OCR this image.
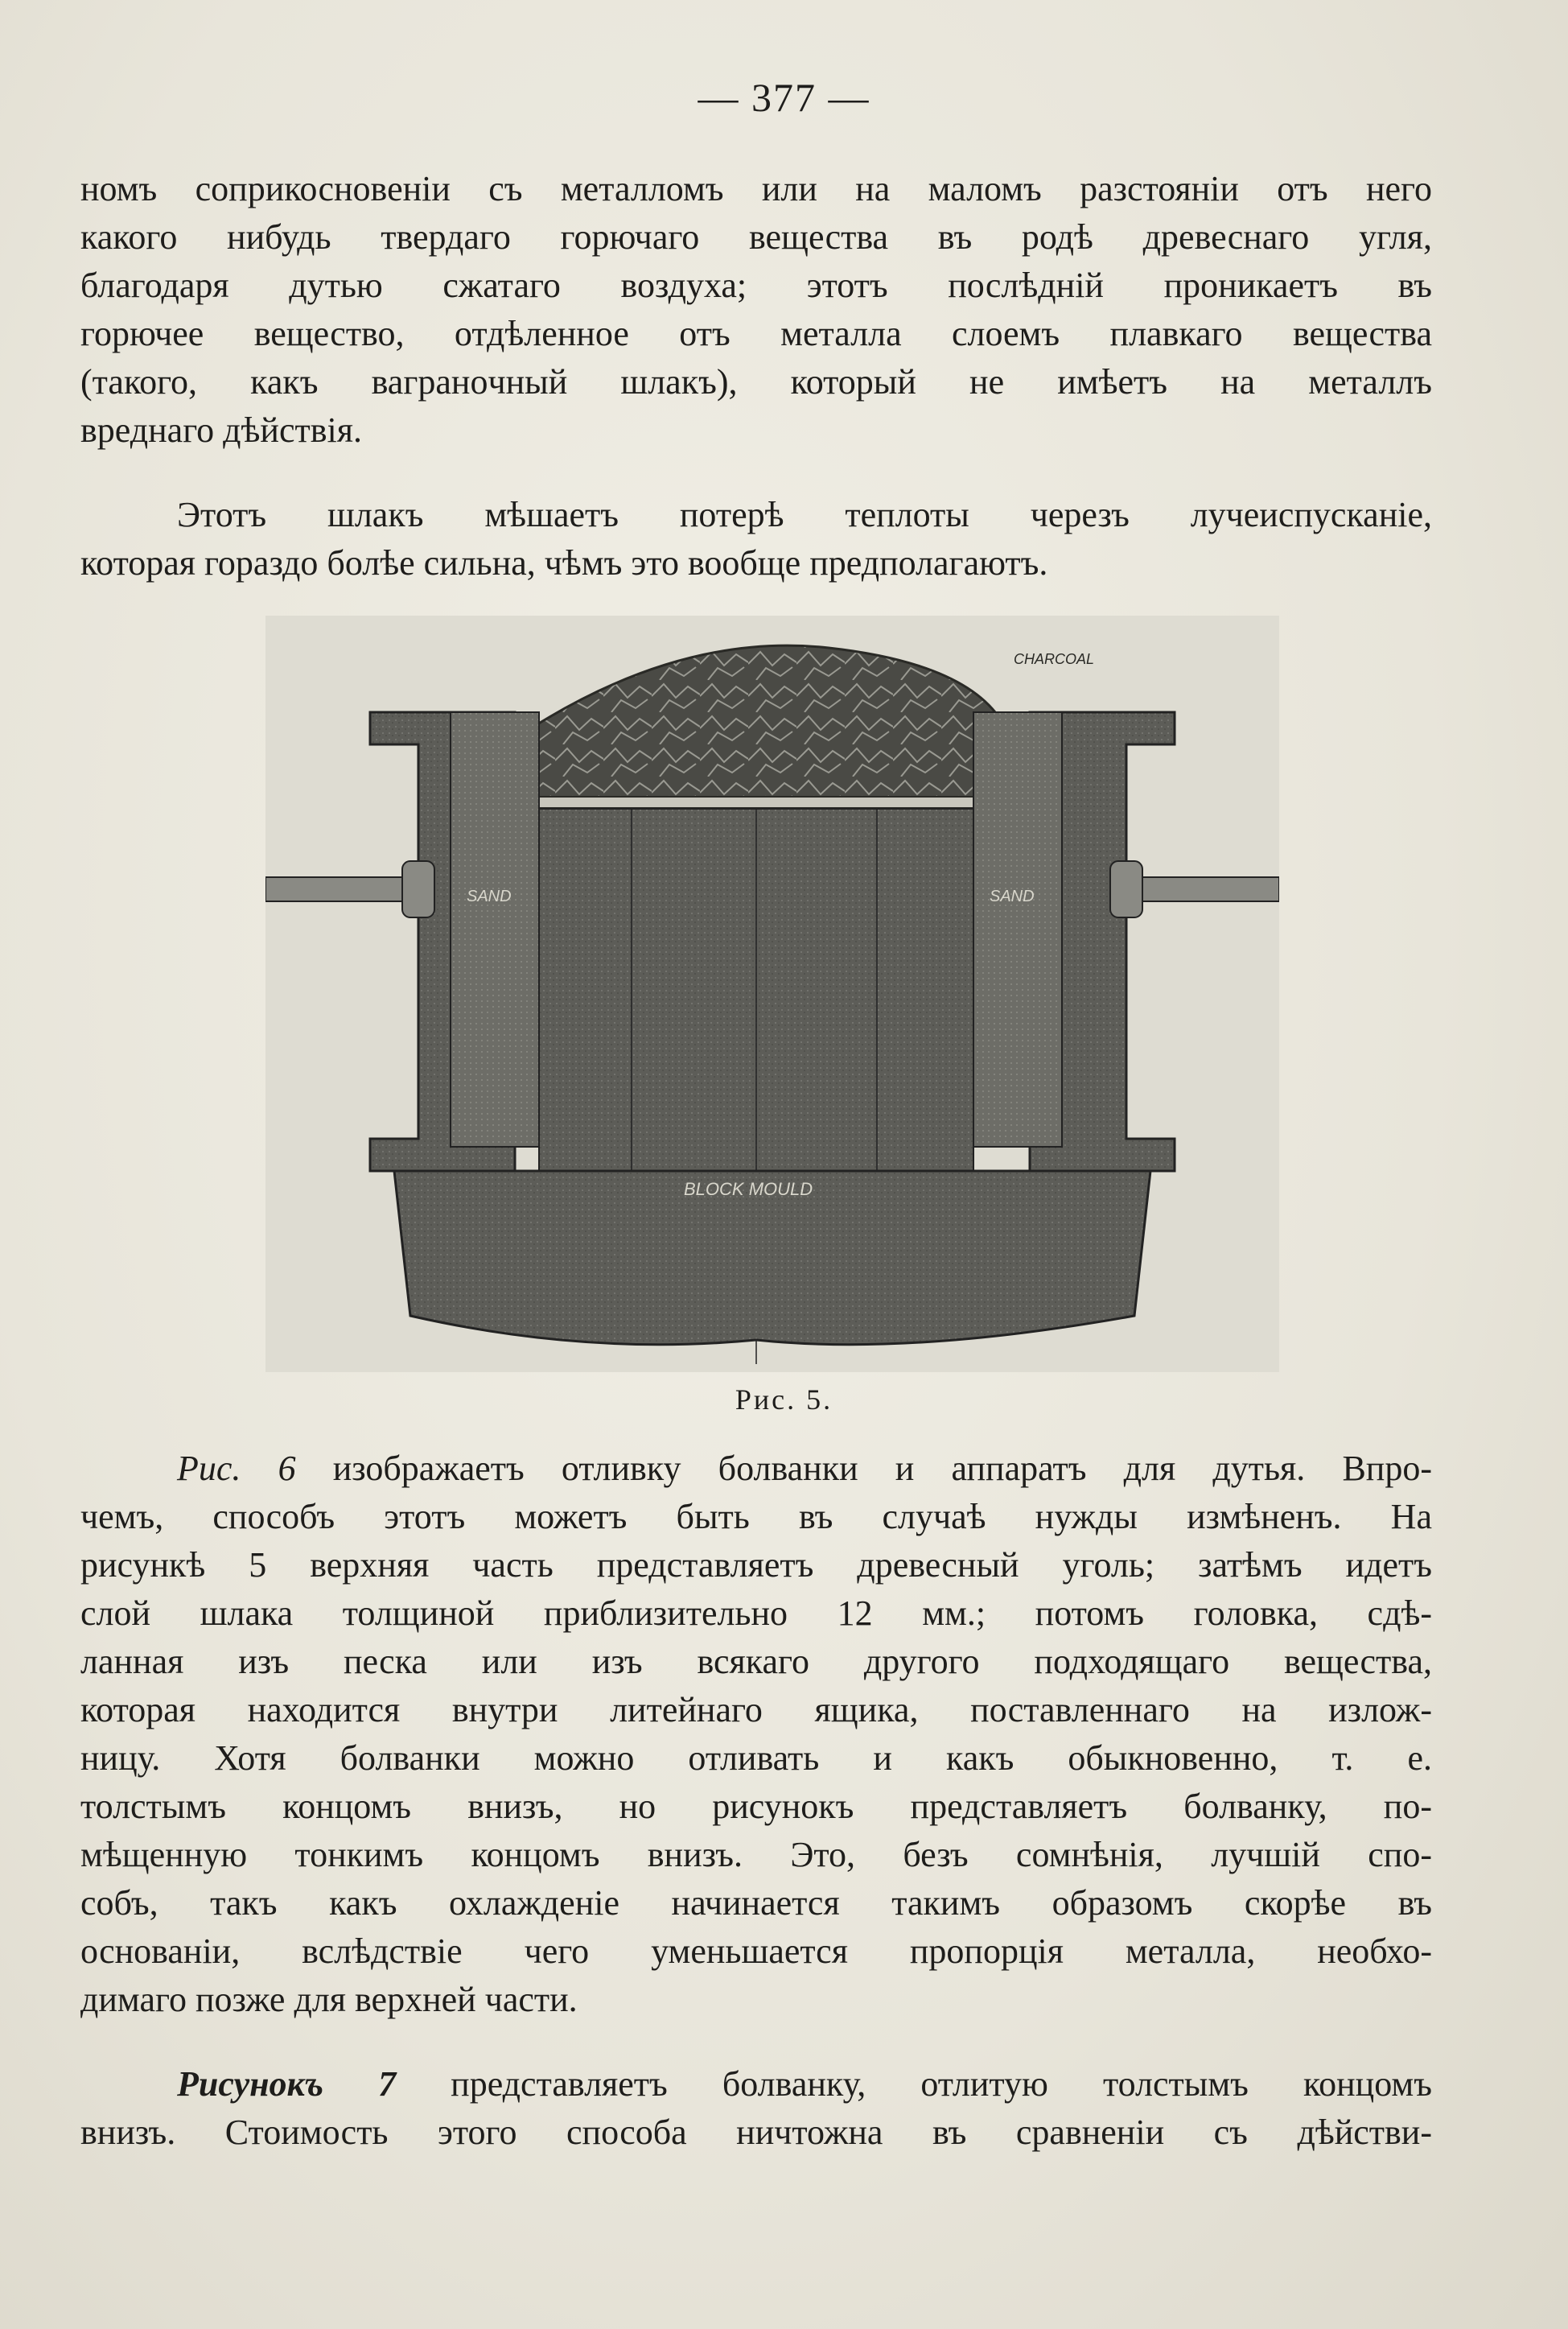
— 377 —
номъ соприкосновенiи съ металломъ или на маломъ разстоянiи отъ него
какого нибудь твердаго горючаго вещества въ родѣ древеснаго угля,
благодаря дутью сжатаго воздуха; этотъ послѣднiй проникаетъ въ
горючее вещество, отдѣленное отъ металла слоемъ плавкаго вещества
(такого, какъ вагранoчный шлакъ), который не имѣетъ на металлъ
вреднаго дѣйствiя.
Этотъ шлакъ мѣшаетъ потерѣ теплоты черезъ лучеиспусканiе,
которая гораздо болѣе сильна, чѣмъ это вообще предполагаютъ.
CHARCOAL
SAND	SAND
BLOCK MOULD
Рис. 5.
Рис. 6 изображаетъ отливку болванки и аппаратъ для дутья. Впро-
чемъ, способъ этотъ можетъ быть въ случаѣ нужды измѣненъ. На
рисункѣ 5 верхняя часть представляетъ древесный уголь; затѣмъ идетъ
слой шлака толщиной приблизительно 12 мм.; потомъ головка, сдѣ-
ланная изъ песка или изъ всякаго другого подходящаго вещества,
которая находится внутри литейнаго ящика, поставленнаго на излож-
ницу. Хотя болванки можно отливать и какъ обыкновенно, т. е.
толстымъ концомъ внизъ, но рисунокъ представляетъ болванку, по-
мѣщенную тонкимъ концомъ внизъ. Это, безъ сомнѣнiя, лучшiй спо-
собъ, такъ какъ охлажденiе начинается такимъ образомъ скорѣе въ
основанiи, вслѣдствiе чего уменьшается пропорцiя металла, необхо-
димаго позже для верхней части.
Рисунокъ 7 представляетъ болванку, отлитую толстымъ концомъ
внизъ. Стоимость этого способа ничтожна въ сравненiи съ дѣйстви-
